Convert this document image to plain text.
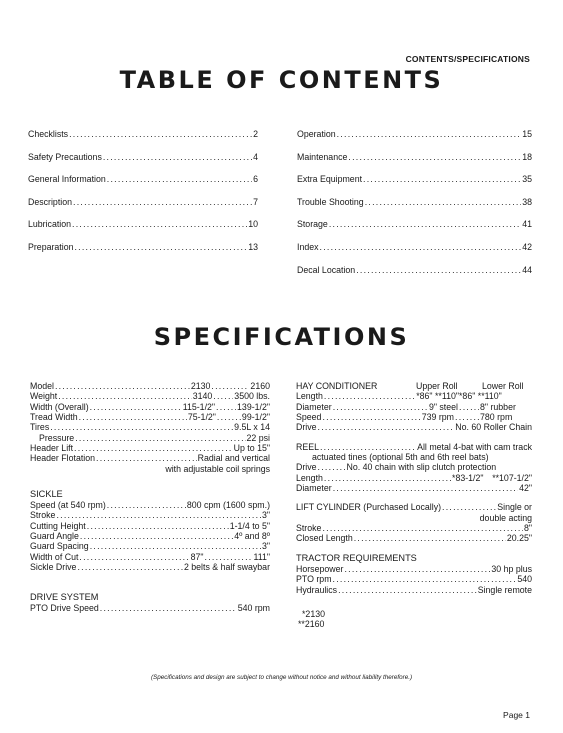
CONTENTS/SPECIFICATIONS
TABLE OF CONTENTS
Checklists . . .	2
Safety Precautions . . .	4
General Information . . .	6
Description . . .	7
Lubrication . . .	10
Preparation . . .	13
Operation . . .	15
Maintenance . . .	18
Extra Equipment . . .	35
Trouble Shooting . . .	38
Storage . . .	41
Index . . .	42
Decal Location . . .	44
SPECIFICATIONS
Model . . .	2130 . . .	2160
Weight . . .	3140 . . .	3500 lbs.
Width (Overall) . . .	115-1/2" . . .	139-1/2"
Tread Width . . .	75-1/2" . . .	99-1/2"
Tires . . .	9.5L x 14
Pressure . . .	22 psi
Header Lift . . .	Up to 15"
Header Flotation . . .	Radial and vertical
with adjustable coil springs
SICKLE
Speed (at 540 rpm) . . .	800 cpm (1600 spm.)
Stroke . . .	3"
Cutting Height . . .	1-1/4 to 5"
Guard Angle . . .	4º and 8º
Guard Spacing . . .	3"
Width of Cut . . .	87" . . .	111"
Sickle Drive . . .	2 belts & half swaybar
DRIVE SYSTEM
PTO Drive Speed . . .	540 rpm
HAY CONDITIONER	Upper Roll	Lower Roll
Length . . .	*86" **110" *86" **110"
Diameter . . .	9" steel . . .	8" rubber
Speed . . .	739 rpm . . .	780 rpm
Drive . . .	No. 60 Roller Chain
REEL . . .	All metal 4-bat with cam track
actuated tines (optional 5th and 6th reel bats)
Drive . . .	No. 40 chain with slip clutch protection
Length . . .	*83-1/2" **107-1/2"
Diameter . . .	42"
LIFT CYLINDER (Purchased Locally) . . .	Single or
double acting
Stroke . . .	8"
Closed Length . . .	20.25"
TRACTOR REQUIREMENTS
Horsepower . . .	30 hp plus
PTO rpm . . .	540
Hydraulics . . .	Single remote
*2130
**2160
(Specifications and design are subject to change without notice and without liability therefore.)
Page 1
